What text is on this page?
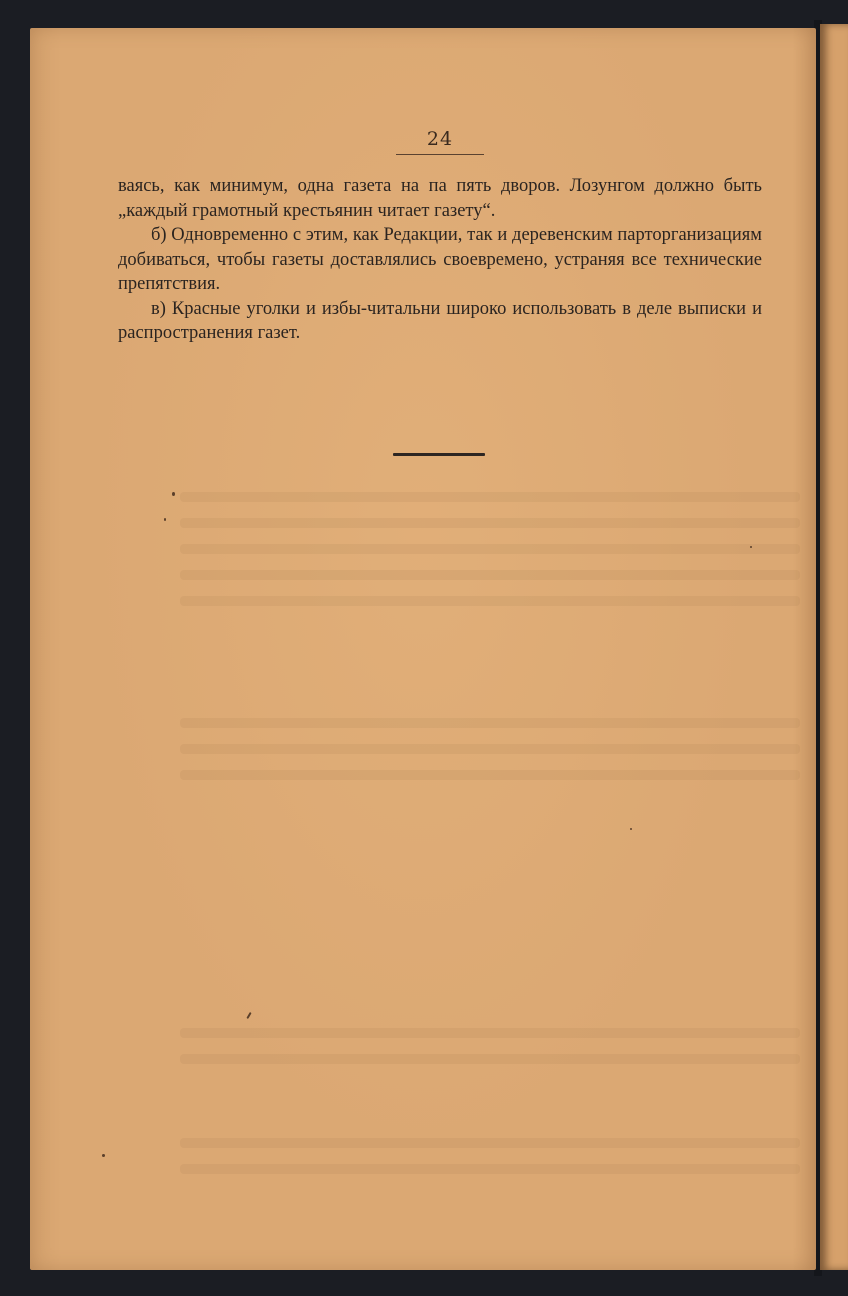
24

ваясь, как минимум, одна газета на па пять дворов. Лозунгом должно быть „каждый грамотный крестьянин читает газету“.

б) Одновременно с этим, как Редакции, так и деревенским парторганизациям добиваться, чтобы газеты доставлялись своевремено, устраняя все технические препятствия.

в) Красные уголки и избы-читальни широко использовать в деле выписки и распространения газет.
